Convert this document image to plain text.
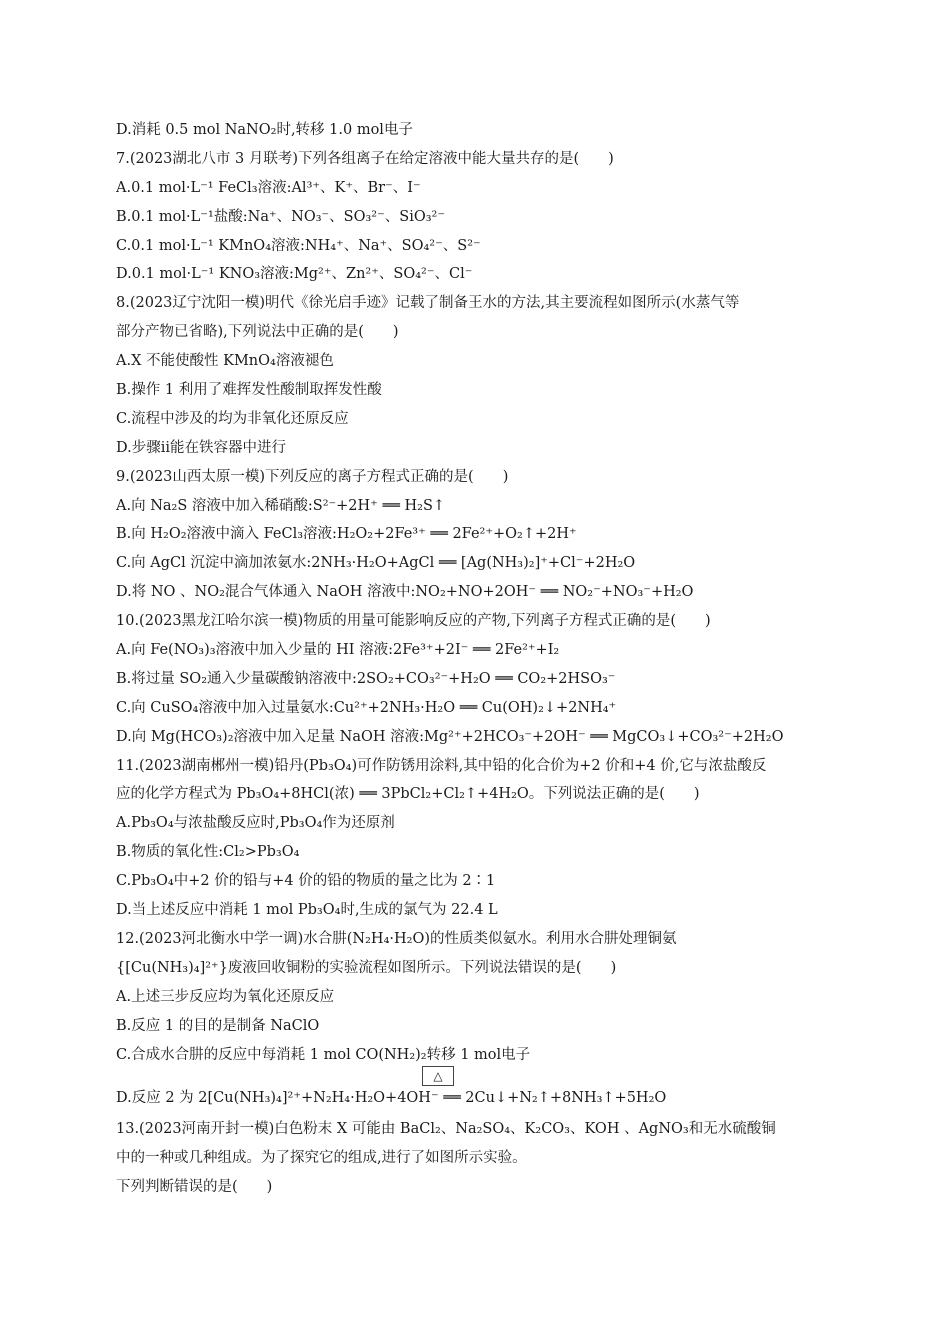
D.消耗 0.5 mol NaNO₂时,转移 1.0 mol电子
7.(2023湖北八市 3 月联考)下列各组离子在给定溶液中能大量共存的是(　　)
A.0.1 mol·L⁻¹ FeCl₃溶液:Al³⁺、K⁺、Br⁻、I⁻
B.0.1 mol·L⁻¹盐酸:Na⁺、NO₃⁻、SO₃²⁻、SiO₃²⁻
C.0.1 mol·L⁻¹ KMnO₄溶液:NH₄⁺、Na⁺、SO₄²⁻、S²⁻
D.0.1 mol·L⁻¹ KNO₃溶液:Mg²⁺、Zn²⁺、SO₄²⁻、Cl⁻
8.(2023辽宁沈阳一模)明代《徐光启手迹》记载了制备王水的方法,其主要流程如图所示(水蒸气等
部分产物已省略),下列说法中正确的是(　　)
A.X 不能使酸性 KMnO₄溶液褪色
B.操作 1 利用了难挥发性酸制取挥发性酸
C.流程中涉及的均为非氧化还原反应
D.步骤ii能在铁容器中进行
9.(2023山西太原一模)下列反应的离子方程式正确的是(　　)
A.向 Na₂S 溶液中加入稀硝酸:S²⁻+2H⁺ ══ H₂S↑
B.向 H₂O₂溶液中滴入 FeCl₃溶液:H₂O₂+2Fe³⁺ ══ 2Fe²⁺+O₂↑+2H⁺
C.向 AgCl 沉淀中滴加浓氨水:2NH₃·H₂O+AgCl ══ [Ag(NH₃)₂]⁺+Cl⁻+2H₂O
D.将 NO 、NO₂混合气体通入 NaOH 溶液中:NO₂+NO+2OH⁻ ══ NO₂⁻+NO₃⁻+H₂O
10.(2023黑龙江哈尔滨一模)物质的用量可能影响反应的产物,下列离子方程式正确的是(　　)
A.向 Fe(NO₃)₃溶液中加入少量的 HI 溶液:2Fe³⁺+2I⁻ ══ 2Fe²⁺+I₂
B.将过量 SO₂通入少量碳酸钠溶液中:2SO₂+CO₃²⁻+H₂O ══ CO₂+2HSO₃⁻
C.向 CuSO₄溶液中加入过量氨水:Cu²⁺+2NH₃·H₂O ══ Cu(OH)₂↓+2NH₄⁺
D.向 Mg(HCO₃)₂溶液中加入足量 NaOH 溶液:Mg²⁺+2HCO₃⁻+2OH⁻ ══ MgCO₃↓+CO₃²⁻+2H₂O
11.(2023湖南郴州一模)铅丹(Pb₃O₄)可作防锈用涂料,其中铅的化合价为+2 价和+4 价,它与浓盐酸反
应的化学方程式为 Pb₃O₄+8HCl(浓) ══ 3PbCl₂+Cl₂↑+4H₂O。下列说法正确的是(　　)
A.Pb₃O₄与浓盐酸反应时,Pb₃O₄作为还原剂
B.物质的氧化性:Cl₂>Pb₃O₄
C.Pb₃O₄中+2 价的铅与+4 价的铅的物质的量之比为 2∶1
D.当上述反应中消耗 1 mol Pb₃O₄时,生成的氯气为 22.4 L
12.(2023河北衡水中学一调)水合肼(N₂H₄·H₂O)的性质类似氨水。利用水合肼处理铜氨
{[Cu(NH₃)₄]²⁺}废液回收铜粉的实验流程如图所示。下列说法错误的是(　　)
A.上述三步反应均为氧化还原反应
B.反应 1 的目的是制备 NaClO
C.合成水合肼的反应中每消耗 1 mol CO(NH₂)₂转移 1 mol电子
△
D.反应 2 为 2[Cu(NH₃)₄]²⁺+N₂H₄·H₂O+4OH⁻ ══ 2Cu↓+N₂↑+8NH₃↑+5H₂O
13.(2023河南开封一模)白色粉末 X 可能由 BaCl₂、Na₂SO₄、K₂CO₃、KOH 、AgNO₃和无水硫酸铜
中的一种或几种组成。为了探究它的组成,进行了如图所示实验。
下列判断错误的是(　　)
